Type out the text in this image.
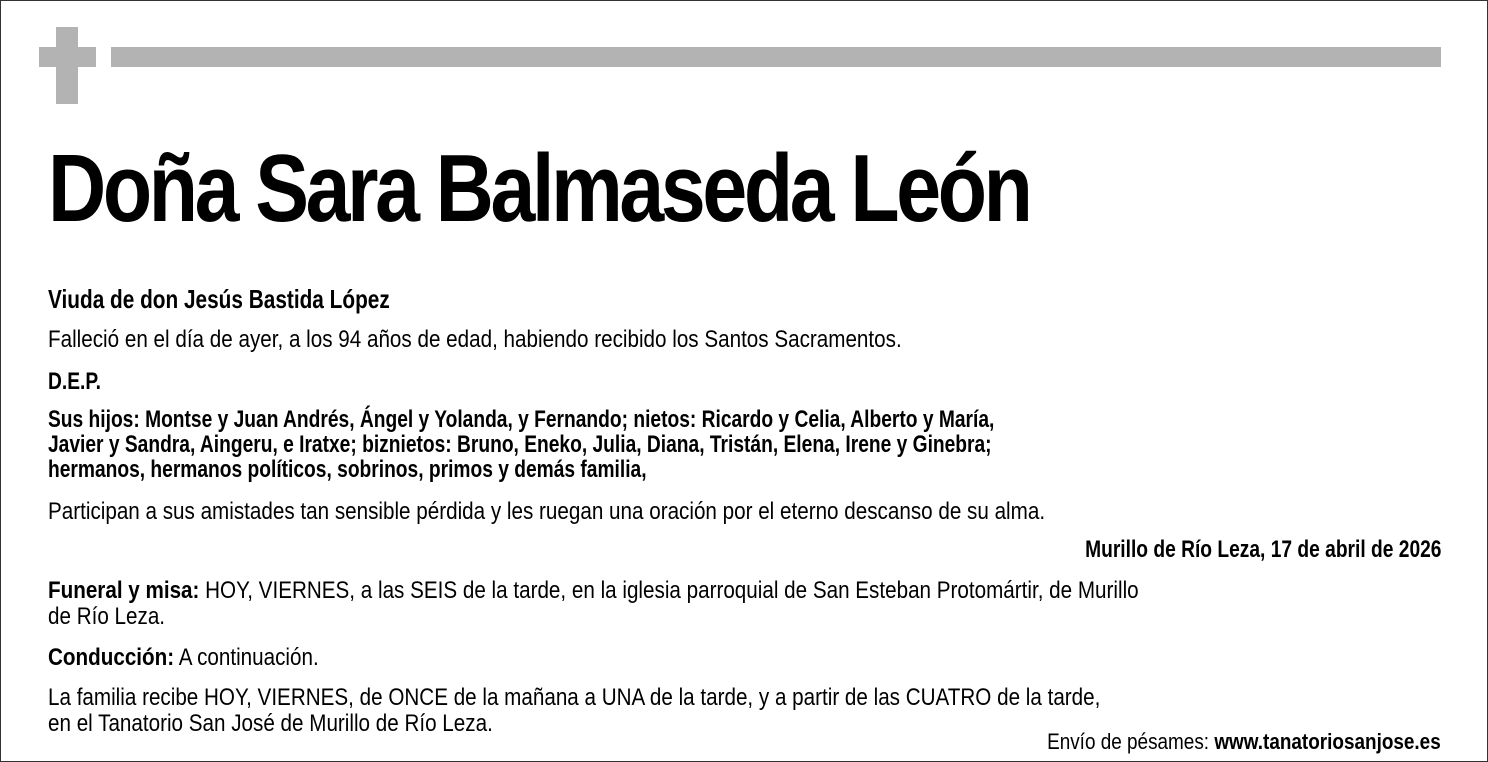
Doña Sara Balmaseda León
Viuda de don Jesús Bastida López
Falleció en el día de ayer, a los 94 años de edad, habiendo recibido los Santos Sacramentos.
D.E.P.
Sus hijos: Montse y Juan Andrés, Ángel y Yolanda, y Fernando; nietos: Ricardo y Celia, Alberto y María,
Javier y Sandra, Aingeru, e Iratxe; biznietos: Bruno, Eneko, Julia, Diana, Tristán, Elena, Irene y Ginebra;
hermanos, hermanos políticos, sobrinos, primos y demás familia,
Participan a sus amistades tan sensible pérdida y les ruegan una oración por el eterno descanso de su alma.
Murillo de Río Leza, 17 de abril de 2026
Funeral y misa: HOY, VIERNES, a las SEIS de la tarde, en la iglesia parroquial de San Esteban Protomártir, de Murillo
de Río Leza.
Conducción: A continuación.
La familia recibe HOY, VIERNES, de ONCE de la mañana a UNA de la tarde, y a partir de las CUATRO de la tarde,
en el Tanatorio San José de Murillo de Río Leza.
Envío de pésames: www.tanatoriosanjose.es
